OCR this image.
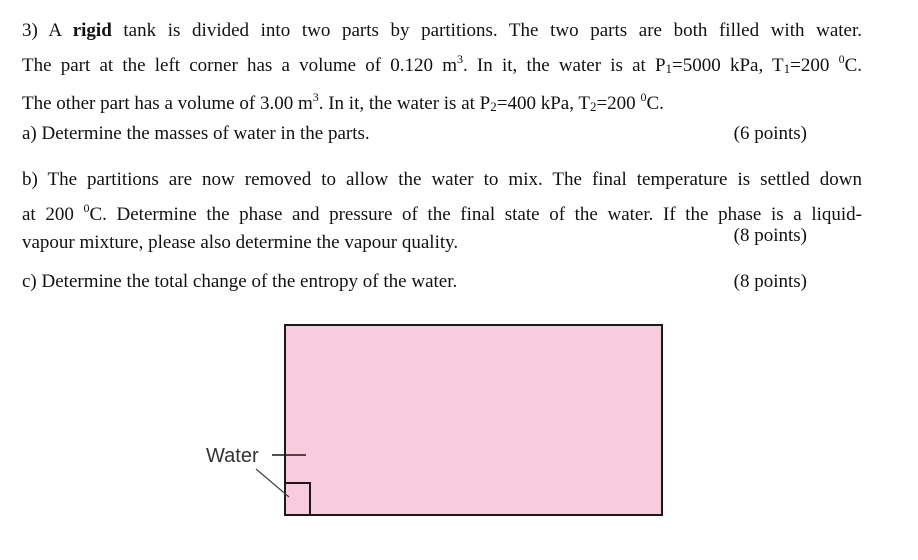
3) A rigid tank is divided into two parts by partitions. The two parts are both filled with water.
The part at the left corner has a volume of 0.120 $m^3$. In it, the water is at P1=5000 kPa, T1=200 $^0$C.
The other part has a volume of 3.00 $m^3$. In it, the water is at P2=400 kPa, T2=200 $^0$C.
a) Determine the masses of water in the parts.	(6 points)
b) The partitions are now removed to allow the water to mix. The final temperature is settled down
at 200 $^0$C. Determine the phase and pressure of the final state of the water. If the phase is a liquid-
vapour mixture, please also determine the vapour quality.	(8 points)
c) Determine the total change of the entropy of the water.	(8 points)
Water
